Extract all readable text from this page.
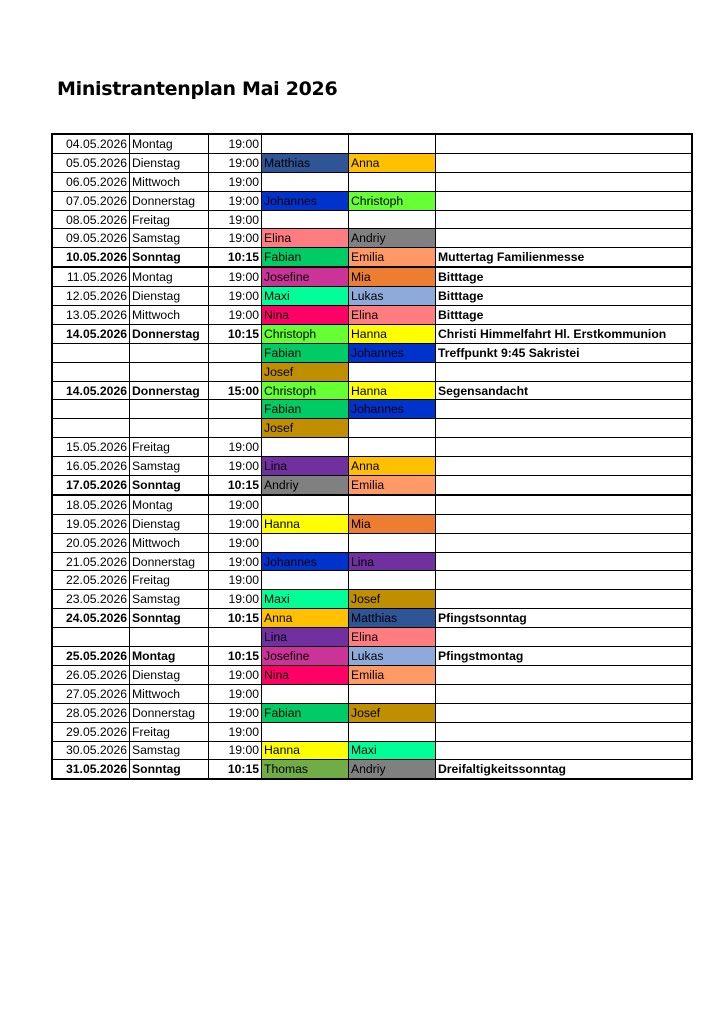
Ministrantenplan Mai 2026
04.05.2026	Montag	19:00			
05.05.2026	Dienstag	19:00	Matthias	Anna	
06.05.2026	Mittwoch	19:00			
07.05.2026	Donnerstag	19:00	Johannes	Christoph	
08.05.2026	Freitag	19:00			
09.05.2026	Samstag	19:00	Elina	Andriy	
10.05.2026	Sonntag	10:15	Fabian	Emilia	Muttertag Familienmesse
11.05.2026	Montag	19:00	Josefine	Mia	Bitttage
12.05.2026	Dienstag	19:00	Maxi	Lukas	Bitttage
13.05.2026	Mittwoch	19:00	Nina	Elina	Bitttage
14.05.2026	Donnerstag	10:15	Christoph	Hanna	Christi Himmelfahrt Hl. Erstkommunion
			Fabian	Johannes	Treffpunkt 9:45 Sakristei
			Josef		
14.05.2026	Donnerstag	15:00	Christoph	Hanna	Segensandacht
			Fabian	Johannes	
			Josef		
15.05.2026	Freitag	19:00			
16.05.2026	Samstag	19:00	Lina	Anna	
17.05.2026	Sonntag	10:15	Andriy	Emilia	
18.05.2026	Montag	19:00			
19.05.2026	Dienstag	19:00	Hanna	Mia	
20.05.2026	Mittwoch	19:00			
21.05.2026	Donnerstag	19:00	Johannes	Lina	
22.05.2026	Freitag	19:00			
23.05.2026	Samstag	19:00	Maxi	Josef	
24.05.2026	Sonntag	10:15	Anna	Matthias	Pfingstsonntag
			Lina	Elina	
25.05.2026	Montag	10:15	Josefine	Lukas	Pfingstmontag
26.05.2026	Dienstag	19:00	Nina	Emilia	
27.05.2026	Mittwoch	19:00			
28.05.2026	Donnerstag	19:00	Fabian	Josef	
29.05.2026	Freitag	19:00			
30.05.2026	Samstag	19:00	Hanna	Maxi	
31.05.2026	Sonntag	10:15	Thomas	Andriy	Dreifaltigkeitssonntag
